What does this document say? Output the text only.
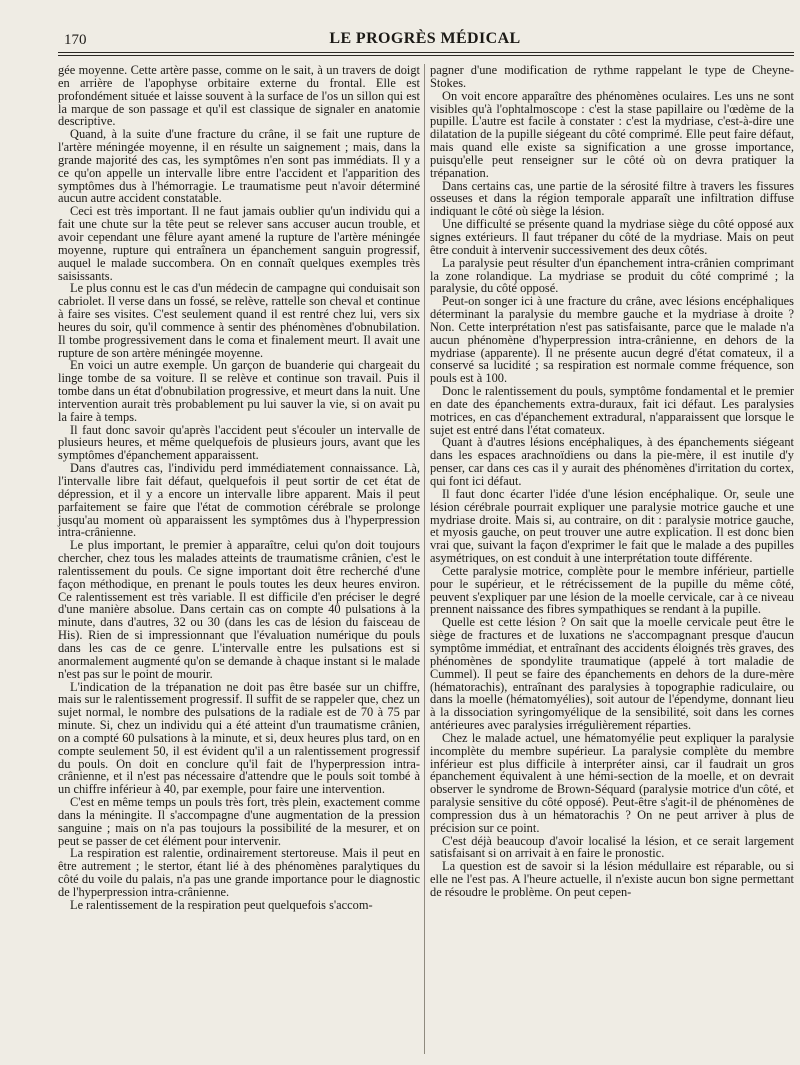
170	LE PROGRÈS MÉDICAL

gée moyenne. Cette artère passe, comme on le sait, à un travers de doigt en arrière de l'apophyse orbitaire externe du frontal. Elle est profondément située et laisse souvent à la surface de l'os un sillon qui est la marque de son passage et qu'il est classique de signaler en anatomie descriptive.

Quand, à la suite d'une fracture du crâne, il se fait une rupture de l'artère méningée moyenne, il en résulte un saignement ; mais, dans la grande majorité des cas, les symptômes n'en sont pas immédiats. Il y a ce qu'on appelle un intervalle libre entre l'accident et l'apparition des symptômes dus à l'hémorragie. Le traumatisme peut n'avoir déterminé aucun autre accident constatable.

Ceci est très important. Il ne faut jamais oublier qu'un individu qui a fait une chute sur la tête peut se relever sans accuser aucun trouble, et avoir cependant une fêlure ayant amené la rupture de l'artère méningée moyenne, rupture qui entraînera un épanchement sanguin progressif, auquel le malade succombera. On en connaît quelques exemples très saisissants.

Le plus connu est le cas d'un médecin de campagne qui conduisait son cabriolet. Il verse dans un fossé, se relève, rattelle son cheval et continue à faire ses visites. C'est seulement quand il est rentré chez lui, vers six heures du soir, qu'il commence à sentir des phénomènes d'obnubilation. Il tombe progressivement dans le coma et finalement meurt. Il avait une rupture de son artère méningée moyenne.

En voici un autre exemple. Un garçon de buanderie qui chargeait du linge tombe de sa voiture. Il se relève et continue son travail. Puis il tombe dans un état d'obnubilation progressive, et meurt dans la nuit. Une intervention aurait très probablement pu lui sauver la vie, si on avait pu la faire à temps.

Il faut donc savoir qu'après l'accident peut s'écouler un intervalle de plusieurs heures, et même quelquefois de plusieurs jours, avant que les symptômes d'épanchement apparaissent.

Dans d'autres cas, l'individu perd immédiatement connaissance. Là, l'intervalle libre fait défaut, quelquefois il peut sortir de cet état de dépression, et il y a encore un intervalle libre apparent. Mais il peut parfaitement se faire que l'état de commotion cérébrale se prolonge jusqu'au moment où apparaissent les symptômes dus à l'hyperpression intra-crânienne.

Le plus important, le premier à apparaître, celui qu'on doit toujours chercher, chez tous les malades atteints de traumatisme crânien, c'est le ralentissement du pouls. Ce signe important doit être recherché d'une façon méthodique, en prenant le pouls toutes les deux heures environ. Ce ralentissement est très variable. Il est difficile d'en préciser le degré d'une manière absolue. Dans certain cas on compte 40 pulsations à la minute, dans d'autres, 32 ou 30 (dans les cas de lésion du faisceau de His). Rien de si impressionnant que l'évaluation numérique du pouls dans les cas de ce genre. L'intervalle entre les pulsations est si anormalement augmenté qu'on se demande à chaque instant si le malade n'est pas sur le point de mourir.

L'indication de la trépanation ne doit pas être basée sur un chiffre, mais sur le ralentissement progressif. Il suffit de se rappeler que, chez un sujet normal, le nombre des pulsations de la radiale est de 70 à 75 par minute. Si, chez un individu qui a été atteint d'un traumatisme crânien, on a compté 60 pulsations à la minute, et si, deux heures plus tard, on en compte seulement 50, il est évident qu'il a un ralentissement progressif du pouls. On doit en conclure qu'il fait de l'hyperpression intra-crânienne, et il n'est pas nécessaire d'attendre que le pouls soit tombé à un chiffre inférieur à 40, par exemple, pour faire une intervention.

C'est en même temps un pouls très fort, très plein, exactement comme dans la méningite. Il s'accompagne d'une augmentation de la pression sanguine ; mais on n'a pas toujours la possibilité de la mesurer, et on peut se passer de cet élément pour intervenir.

La respiration est ralentie, ordinairement stertoreuse. Mais il peut en être autrement ; le stertor, étant lié à des phénomènes paralytiques du côté du voile du palais, n'a pas une grande importance pour le diagnostic de l'hyperpression intra-crânienne.

Le ralentissement de la respiration peut quelquefois s'accom-

pagner d'une modification de rythme rappelant le type de Cheyne-Stokes.

On voit encore apparaître des phénomènes oculaires. Les uns ne sont visibles qu'à l'ophtalmoscope : c'est la stase papillaire ou l'œdème de la pupille. L'autre est facile à constater : c'est la mydriase, c'est-à-dire une dilatation de la pupille siégeant du côté comprimé. Elle peut faire défaut, mais quand elle existe sa signification a une grosse importance, puisqu'elle peut renseigner sur le côté où on devra pratiquer la trépanation.

Dans certains cas, une partie de la sérosité filtre à travers les fissures osseuses et dans la région temporale apparaît une infiltration diffuse indiquant le côté où siège la lésion.

Une difficulté se présente quand la mydriase siège du côté opposé aux signes extérieurs. Il faut trépaner du côté de la mydriase. Mais on peut être conduit à intervenir successivement des deux côtés.

La paralysie peut résulter d'un épanchement intra-crânien comprimant la zone rolandique. La mydriase se produit du côté comprimé ; la paralysie, du côté opposé.

Peut-on songer ici à une fracture du crâne, avec lésions encéphaliques déterminant la paralysie du membre gauche et la mydriase à droite ? Non. Cette interprétation n'est pas satisfaisante, parce que le malade n'a aucun phénomène d'hyperpression intra-crânienne, en dehors de la mydriase (apparente). Il ne présente aucun degré d'état comateux, il a conservé sa lucidité ; sa respiration est normale comme fréquence, son pouls est à 100.

Donc le ralentissement du pouls, symptôme fondamental et le premier en date des épanchements extra-duraux, fait ici défaut. Les paralysies motrices, en cas d'épanchement extradural, n'apparaissent que lorsque le sujet est entré dans l'état comateux.

Quant à d'autres lésions encéphaliques, à des épanchements siégeant dans les espaces arachnoïdiens ou dans la pie-mère, il est inutile d'y penser, car dans ces cas il y aurait des phénomènes d'irritation du cortex, qui font ici défaut.

Il faut donc écarter l'idée d'une lésion encéphalique. Or, seule une lésion cérébrale pourrait expliquer une paralysie motrice gauche et une mydriase droite. Mais si, au contraire, on dit : paralysie motrice gauche, et myosis gauche, on peut trouver une autre explication. Il est donc bien vrai que, suivant la façon d'exprimer le fait que le malade a des pupilles asymétriques, on est conduit à une interprétation toute différente.

Cette paralysie motrice, complète pour le membre inférieur, partielle pour le supérieur, et le rétrécissement de la pupille du même côté, peuvent s'expliquer par une lésion de la moelle cervicale, car à ce niveau prennent naissance des fibres sympathiques se rendant à la pupille.

Quelle est cette lésion ? On sait que la moelle cervicale peut être le siège de fractures et de luxations ne s'accompagnant presque d'aucun symptôme immédiat, et entraînant des accidents éloignés très graves, des phénomènes de spondylite traumatique (appelé à tort maladie de Cummel). Il peut se faire des épanchements en dehors de la dure-mère (hématorachis), entraînant des paralysies à topographie radiculaire, ou dans la moelle (hématomyélies), soit autour de l'épendyme, donnant lieu à la dissociation syringomyélique de la sensibilité, soit dans les cornes antérieures avec paralysies irrégulièrement réparties.

Chez le malade actuel, une hématomyélie peut expliquer la paralysie incomplète du membre supérieur. La paralysie complète du membre inférieur est plus difficile à interpréter ainsi, car il faudrait un gros épanchement équivalent à une hémi-section de la moelle, et on devrait observer le syndrome de Brown-Séquard (paralysie motrice d'un côté, et paralysie sensitive du côté opposé). Peut-être s'agit-il de phénomènes de compression dus à un hématorachis ? On ne peut arriver à plus de précision sur ce point.

C'est déjà beaucoup d'avoir localisé la lésion, et ce serait largement satisfaisant si on arrivait à en faire le pronostic.

La question est de savoir si la lésion médullaire est réparable, ou si elle ne l'est pas. A l'heure actuelle, il n'existe aucun bon signe permettant de résoudre le problème. On peut cepen-
